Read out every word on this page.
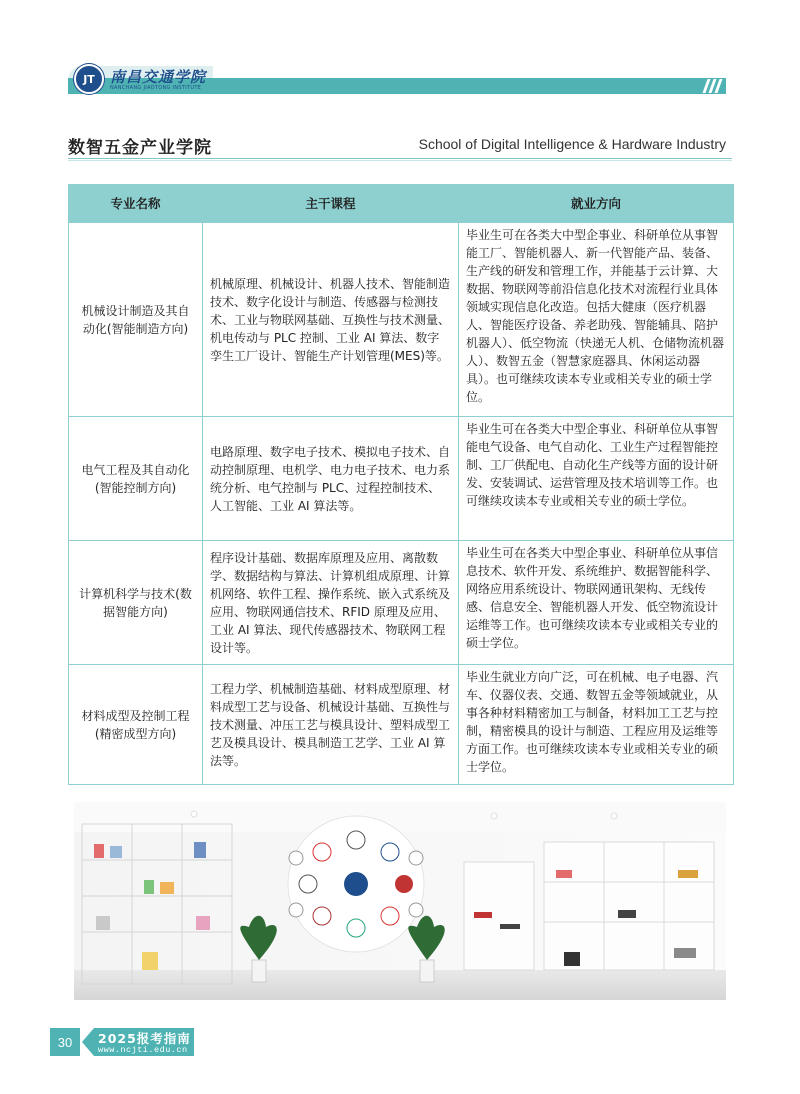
JT 南昌交通学院
NANCHANG JIAOTONG INSTITUTE
数智五金产业学院	School of Digital Intelligence & Hardware Industry
专业名称	主干课程	就业方向
机械设计制造及其自动化(智能制造方向)	机械原理、机械设计、机器人技术、智能制造技术、数字化设计与制造、传感器与检测技术、工业与物联网基础、互换性与技术测量、机电传动与 PLC 控制、工业 AI 算法、数字孪生工厂设计、智能生产计划管理(MES)等。	毕业生可在各类大中型企事业、科研单位从事智能工厂、智能机器人、新一代智能产品、装备、生产线的研发和管理工作，并能基于云计算、大数据、物联网等前沿信息化技术对流程行业具体领域实现信息化改造。包括大健康（医疗机器人、智能医疗设备、养老助残、智能辅具、陪护机器人）、低空物流（快递无人机、仓储物流机器人）、数智五金（智慧家庭器具、休闲运动器具）。也可继续攻读本专业或相关专业的硕士学位。
电气工程及其自动化(智能控制方向)	电路原理、数字电子技术、模拟电子技术、自动控制原理、电机学、电力电子技术、电力系统分析、电气控制与 PLC、过程控制技术、人工智能、工业 AI 算法等。	毕业生可在各类大中型企事业、科研单位从事智能电气设备、电气自动化、工业生产过程智能控制、工厂供配电、自动化生产线等方面的设计研发、安装调试、运营管理及技术培训等工作。也可继续攻读本专业或相关专业的硕士学位。
计算机科学与技术(数据智能方向)	程序设计基础、数据库原理及应用、离散数学、数据结构与算法、计算机组成原理、计算机网络、软件工程、操作系统、嵌入式系统及应用、物联网通信技术、RFID 原理及应用、工业 AI 算法、现代传感器技术、物联网工程设计等。	毕业生可在各类大中型企事业、科研单位从事信息技术、软件开发、系统维护、数据智能科学、网络应用系统设计、物联网通讯架构、无线传感、信息安全、智能机器人开发、低空物流设计运维等工作。也可继续攻读本专业或相关专业的硕士学位。
材料成型及控制工程(精密成型方向)	工程力学、机械制造基础、材料成型原理、材料成型工艺与设备、机械设计基础、互换性与技术测量、冲压工艺与模具设计、塑料成型工艺及模具设计、模具制造工艺学、工业 AI 算法等。	毕业生就业方向广泛，可在机械、电子电器、汽车、仪器仪表、交通、数智五金等领域就业，从事各种材料精密加工与制备，材料加工工艺与控制，精密模具的设计与制造、工程应用及运维等方面工作。也可继续攻读本专业或相关专业的硕士学位。
30 2025报考指南
www.ncjti.edu.cn
